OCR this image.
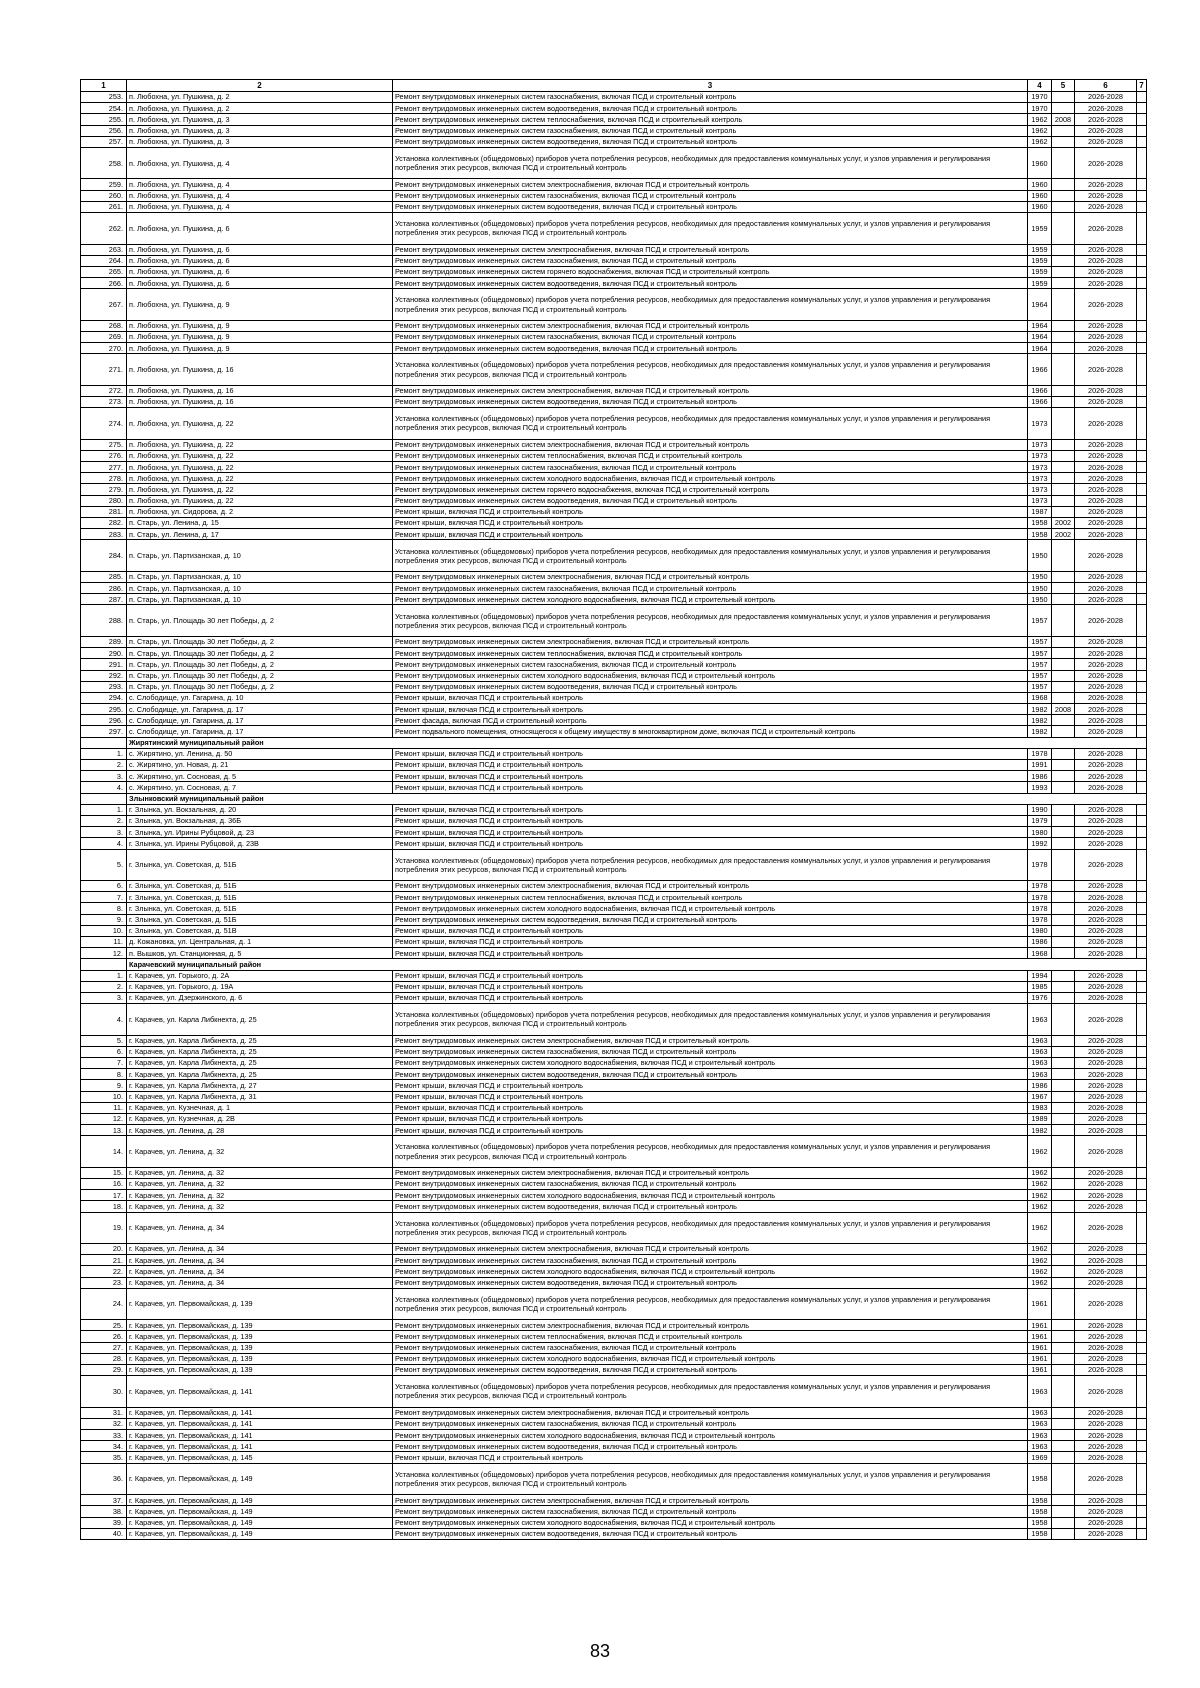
1	2	3	4	5	6	7
253.	п. Любохна, ул. Пушкина, д. 2	Ремонт внутридомовых инженерных систем газоснабжения, включая ПСД и строительный контроль	1970		2026-2028	
254.	п. Любохна, ул. Пушкина, д. 2	Ремонт внутридомовых инженерных систем водоотведения, включая ПСД и строительный контроль	1970		2026-2028	
255.	п. Любохна, ул. Пушкина, д. 3	Ремонт внутридомовых инженерных систем теплоснабжения, включая ПСД и строительный контроль	1962	2008	2026-2028	
256.	п. Любохна, ул. Пушкина, д. 3	Ремонт внутридомовых инженерных систем газоснабжения, включая ПСД и строительный контроль	1962		2026-2028	
257.	п. Любохна, ул. Пушкина, д. 3	Ремонт внутридомовых инженерных систем водоотведения, включая ПСД и строительный контроль	1962		2026-2028	
258.	п. Любохна, ул. Пушкина, д. 4	Установка коллективных (общедомовых) приборов учета потребления ресурсов, необходимых для предоставления коммунальных услуг, и узлов управления и регулирования потребления этих ресурсов, включая ПСД и строительный контроль	1960		2026-2028	
259.	п. Любохна, ул. Пушкина, д. 4	Ремонт внутридомовых инженерных систем электроснабжения, включая ПСД и строительный контроль	1960		2026-2028	
260.	п. Любохна, ул. Пушкина, д. 4	Ремонт внутридомовых инженерных систем газоснабжения, включая ПСД и строительный контроль	1960		2026-2028	
261.	п. Любохна, ул. Пушкина, д. 4	Ремонт внутридомовых инженерных систем водоотведения, включая ПСД и строительный контроль	1960		2026-2028	
262.	п. Любохна, ул. Пушкина, д. 6	Установка коллективных (общедомовых) приборов учета потребления ресурсов, необходимых для предоставления коммунальных услуг, и узлов управления и регулирования потребления этих ресурсов, включая ПСД и строительный контроль	1959		2026-2028	
263.	п. Любохна, ул. Пушкина, д. 6	Ремонт внутридомовых инженерных систем электроснабжения, включая ПСД и строительный контроль	1959		2026-2028	
264.	п. Любохна, ул. Пушкина, д. 6	Ремонт внутридомовых инженерных систем газоснабжения, включая ПСД и строительный контроль	1959		2026-2028	
265.	п. Любохна, ул. Пушкина, д. 6	Ремонт внутридомовых инженерных систем горячего водоснабжения, включая ПСД и строительный контроль	1959		2026-2028	
266.	п. Любохна, ул. Пушкина, д. 6	Ремонт внутридомовых инженерных систем водоотведения, включая ПСД и строительный контроль	1959		2026-2028	
267.	п. Любохна, ул. Пушкина, д. 9	Установка коллективных (общедомовых) приборов учета потребления ресурсов, необходимых для предоставления коммунальных услуг, и узлов управления и регулирования потребления этих ресурсов, включая ПСД и строительный контроль	1964		2026-2028	
268.	п. Любохна, ул. Пушкина, д. 9	Ремонт внутридомовых инженерных систем электроснабжения, включая ПСД и строительный контроль	1964		2026-2028	
269.	п. Любохна, ул. Пушкина, д. 9	Ремонт внутридомовых инженерных систем газоснабжения, включая ПСД и строительный контроль	1964		2026-2028	
270.	п. Любохна, ул. Пушкина, д. 9	Ремонт внутридомовых инженерных систем водоотведения, включая ПСД и строительный контроль	1964		2026-2028	
271.	п. Любохна, ул. Пушкина, д. 16	Установка коллективных (общедомовых) приборов учета потребления ресурсов, необходимых для предоставления коммунальных услуг, и узлов управления и регулирования потребления этих ресурсов, включая ПСД и строительный контроль	1966		2026-2028	
272.	п. Любохна, ул. Пушкина, д. 16	Ремонт внутридомовых инженерных систем электроснабжения, включая ПСД и строительный контроль	1966		2026-2028	
273.	п. Любохна, ул. Пушкина, д. 16	Ремонт внутридомовых инженерных систем водоотведения, включая ПСД и строительный контроль	1966		2026-2028	
274.	п. Любохна, ул. Пушкина, д. 22	Установка коллективных (общедомовых) приборов учета потребления ресурсов, необходимых для предоставления коммунальных услуг, и узлов управления и регулирования потребления этих ресурсов, включая ПСД и строительный контроль	1973		2026-2028	
275.	п. Любохна, ул. Пушкина, д. 22	Ремонт внутридомовых инженерных систем электроснабжения, включая ПСД и строительный контроль	1973		2026-2028	
276.	п. Любохна, ул. Пушкина, д. 22	Ремонт внутридомовых инженерных систем теплоснабжения, включая ПСД и строительный контроль	1973		2026-2028	
277.	п. Любохна, ул. Пушкина, д. 22	Ремонт внутридомовых инженерных систем газоснабжения, включая ПСД и строительный контроль	1973		2026-2028	
278.	п. Любохна, ул. Пушкина, д. 22	Ремонт внутридомовых инженерных систем холодного водоснабжения, включая ПСД и строительный контроль	1973		2026-2028	
279.	п. Любохна, ул. Пушкина, д. 22	Ремонт внутридомовых инженерных систем горячего водоснабжения, включая ПСД и строительный контроль	1973		2026-2028	
280.	п. Любохна, ул. Пушкина, д. 22	Ремонт внутридомовых инженерных систем водоотведения, включая ПСД и строительный контроль	1973		2026-2028	
281.	п. Любохна, ул. Сидорова, д. 2	Ремонт крыши, включая ПСД и строительный контроль	1987		2026-2028	
282.	п. Старь, ул. Ленина, д. 15	Ремонт крыши, включая ПСД и строительный контроль	1958	2002	2026-2028	
283.	п. Старь, ул. Ленина, д. 17	Ремонт крыши, включая ПСД и строительный контроль	1958	2002	2026-2028	
284.	п. Старь, ул. Партизанская, д. 10	Установка коллективных (общедомовых) приборов учета потребления ресурсов, необходимых для предоставления коммунальных услуг, и узлов управления и регулирования потребления этих ресурсов, включая ПСД и строительный контроль	1950		2026-2028	
285.	п. Старь, ул. Партизанская, д. 10	Ремонт внутридомовых инженерных систем электроснабжения, включая ПСД и строительный контроль	1950		2026-2028	
286.	п. Старь, ул. Партизанская, д. 10	Ремонт внутридомовых инженерных систем газоснабжения, включая ПСД и строительный контроль	1950		2026-2028	
287.	п. Старь, ул. Партизанская, д. 10	Ремонт внутридомовых инженерных систем холодного водоснабжения, включая ПСД и строительный контроль	1950		2026-2028	
288.	п. Старь, ул. Площадь 30 лет Победы, д. 2	Установка коллективных (общедомовых) приборов учета потребления ресурсов, необходимых для предоставления коммунальных услуг, и узлов управления и регулирования потребления этих ресурсов, включая ПСД и строительный контроль	1957		2026-2028	
289.	п. Старь, ул. Площадь 30 лет Победы, д. 2	Ремонт внутридомовых инженерных систем электроснабжения, включая ПСД и строительный контроль	1957		2026-2028	
290.	п. Старь, ул. Площадь 30 лет Победы, д. 2	Ремонт внутридомовых инженерных систем теплоснабжения, включая ПСД и строительный контроль	1957		2026-2028	
291.	п. Старь, ул. Площадь 30 лет Победы, д. 2	Ремонт внутридомовых инженерных систем газоснабжения, включая ПСД и строительный контроль	1957		2026-2028	
292.	п. Старь, ул. Площадь 30 лет Победы, д. 2	Ремонт внутридомовых инженерных систем холодного водоснабжения, включая ПСД и строительный контроль	1957		2026-2028	
293.	п. Старь, ул. Площадь 30 лет Победы, д. 2	Ремонт внутридомовых инженерных систем водоотведения, включая ПСД и строительный контроль	1957		2026-2028	
294.	с. Слободище, ул. Гагарина, д. 10	Ремонт крыши, включая ПСД и строительный контроль	1968		2026-2028	
295.	с. Слободище, ул. Гагарина, д. 17	Ремонт крыши, включая ПСД и строительный контроль	1982	2008	2026-2028	
296.	с. Слободище, ул. Гагарина, д. 17	Ремонт фасада, включая ПСД и строительный контроль	1982		2026-2028	
297.	с. Слободище, ул. Гагарина, д. 17	Ремонт подвального помещения, относящегося к общему имуществу в многоквартирном доме, включая ПСД и строительный контроль	1982		2026-2028	
	Жирятинский муниципальный район					
1.	с. Жирятино, ул. Ленина, д. 50	Ремонт крыши, включая ПСД и строительный контроль	1978		2026-2028	
2.	с. Жирятино, ул. Новая, д. 21	Ремонт крыши, включая ПСД и строительный контроль	1991		2026-2028	
3.	с. Жирятино, ул. Сосновая, д. 5	Ремонт крыши, включая ПСД и строительный контроль	1986		2026-2028	
4.	с. Жирятино, ул. Сосновая, д. 7	Ремонт крыши, включая ПСД и строительный контроль	1993		2026-2028	
	Злынковский муниципальный район					
1.	г. Злынка, ул. Вокзальная, д. 20	Ремонт крыши, включая ПСД и строительный контроль	1990		2026-2028	
2.	г. Злынка, ул. Вокзальная, д. 36Б	Ремонт крыши, включая ПСД и строительный контроль	1979		2026-2028	
3.	г. Злынка, ул. Ирины Рубцовой, д. 23	Ремонт крыши, включая ПСД и строительный контроль	1980		2026-2028	
4.	г. Злынка, ул. Ирины Рубцовой, д. 23В	Ремонт крыши, включая ПСД и строительный контроль	1992		2026-2028	
5.	г. Злынка, ул. Советская, д. 51Б	Установка коллективных (общедомовых) приборов учета потребления ресурсов, необходимых для предоставления коммунальных услуг, и узлов управления и регулирования потребления этих ресурсов, включая ПСД и строительный контроль	1978		2026-2028	
6.	г. Злынка, ул. Советская, д. 51Б	Ремонт внутридомовых инженерных систем электроснабжения, включая ПСД и строительный контроль	1978		2026-2028	
7.	г. Злынка, ул. Советская, д. 51Б	Ремонт внутридомовых инженерных систем теплоснабжения, включая ПСД и строительный контроль	1978		2026-2028	
8.	г. Злынка, ул. Советская, д. 51Б	Ремонт внутридомовых инженерных систем холодного водоснабжения, включая ПСД и строительный контроль	1978		2026-2028	
9.	г. Злынка, ул. Советская, д. 51Б	Ремонт внутридомовых инженерных систем водоотведения, включая ПСД и строительный контроль	1978		2026-2028	
10.	г. Злынка, ул. Советская, д. 51В	Ремонт крыши, включая ПСД и строительный контроль	1980		2026-2028	
11.	д. Кожановка, ул. Центральная, д. 1	Ремонт крыши, включая ПСД и строительный контроль	1986		2026-2028	
12.	п. Вышков, ул. Станционная, д. 5	Ремонт крыши, включая ПСД и строительный контроль	1968		2026-2028	
	Карачевский муниципальный район					
1.	г. Карачев, ул. Горького, д. 2А	Ремонт крыши, включая ПСД и строительный контроль	1994		2026-2028	
2.	г. Карачев, ул. Горького, д. 19А	Ремонт крыши, включая ПСД и строительный контроль	1985		2026-2028	
3.	г. Карачев, ул. Дзержинского, д. 6	Ремонт крыши, включая ПСД и строительный контроль	1976		2026-2028	
4.	г. Карачев, ул. Карла Либкнехта, д. 25	Установка коллективных (общедомовых) приборов учета потребления ресурсов, необходимых для предоставления коммунальных услуг, и узлов управления и регулирования потребления этих ресурсов, включая ПСД и строительный контроль	1963		2026-2028	
5.	г. Карачев, ул. Карла Либкнехта, д. 25	Ремонт внутридомовых инженерных систем электроснабжения, включая ПСД и строительный контроль	1963		2026-2028	
6.	г. Карачев, ул. Карла Либкнехта, д. 25	Ремонт внутридомовых инженерных систем газоснабжения, включая ПСД и строительный контроль	1963		2026-2028	
7.	г. Карачев, ул. Карла Либкнехта, д. 25	Ремонт внутридомовых инженерных систем холодного водоснабжения, включая ПСД и строительный контроль	1963		2026-2028	
8.	г. Карачев, ул. Карла Либкнехта, д. 25	Ремонт внутридомовых инженерных систем водоотведения, включая ПСД и строительный контроль	1963		2026-2028	
9.	г. Карачев, ул. Карла Либкнехта, д. 27	Ремонт крыши, включая ПСД и строительный контроль	1986		2026-2028	
10.	г. Карачев, ул. Карла Либкнехта, д. 31	Ремонт крыши, включая ПСД и строительный контроль	1967		2026-2028	
11.	г. Карачев, ул. Кузнечная, д. 1	Ремонт крыши, включая ПСД и строительный контроль	1983		2026-2028	
12.	г. Карачев, ул. Кузнечная, д. 2В	Ремонт крыши, включая ПСД и строительный контроль	1989		2026-2028	
13.	г. Карачев, ул. Ленина, д. 28	Ремонт крыши, включая ПСД и строительный контроль	1982		2026-2028	
14.	г. Карачев, ул. Ленина, д. 32	Установка коллективных (общедомовых) приборов учета потребления ресурсов, необходимых для предоставления коммунальных услуг, и узлов управления и регулирования потребления этих ресурсов, включая ПСД и строительный контроль	1962		2026-2028	
15.	г. Карачев, ул. Ленина, д. 32	Ремонт внутридомовых инженерных систем электроснабжения, включая ПСД и строительный контроль	1962		2026-2028	
16.	г. Карачев, ул. Ленина, д. 32	Ремонт внутридомовых инженерных систем газоснабжения, включая ПСД и строительный контроль	1962		2026-2028	
17.	г. Карачев, ул. Ленина, д. 32	Ремонт внутридомовых инженерных систем холодного водоснабжения, включая ПСД и строительный контроль	1962		2026-2028	
18.	г. Карачев, ул. Ленина, д. 32	Ремонт внутридомовых инженерных систем водоотведения, включая ПСД и строительный контроль	1962		2026-2028	
19.	г. Карачев, ул. Ленина, д. 34	Установка коллективных (общедомовых) приборов учета потребления ресурсов, необходимых для предоставления коммунальных услуг, и узлов управления и регулирования потребления этих ресурсов, включая ПСД и строительный контроль	1962		2026-2028	
20.	г. Карачев, ул. Ленина, д. 34	Ремонт внутридомовых инженерных систем электроснабжения, включая ПСД и строительный контроль	1962		2026-2028	
21.	г. Карачев, ул. Ленина, д. 34	Ремонт внутридомовых инженерных систем газоснабжения, включая ПСД и строительный контроль	1962		2026-2028	
22.	г. Карачев, ул. Ленина, д. 34	Ремонт внутридомовых инженерных систем холодного водоснабжения, включая ПСД и строительный контроль	1962		2026-2028	
23.	г. Карачев, ул. Ленина, д. 34	Ремонт внутридомовых инженерных систем водоотведения, включая ПСД и строительный контроль	1962		2026-2028	
24.	г. Карачев, ул. Первомайская, д. 139	Установка коллективных (общедомовых) приборов учета потребления ресурсов, необходимых для предоставления коммунальных услуг, и узлов управления и регулирования потребления этих ресурсов, включая ПСД и строительный контроль	1961		2026-2028	
25.	г. Карачев, ул. Первомайская, д. 139	Ремонт внутридомовых инженерных систем электроснабжения, включая ПСД и строительный контроль	1961		2026-2028	
26.	г. Карачев, ул. Первомайская, д. 139	Ремонт внутридомовых инженерных систем теплоснабжения, включая ПСД и строительный контроль	1961		2026-2028	
27.	г. Карачев, ул. Первомайская, д. 139	Ремонт внутридомовых инженерных систем газоснабжения, включая ПСД и строительный контроль	1961		2026-2028	
28.	г. Карачев, ул. Первомайская, д. 139	Ремонт внутридомовых инженерных систем холодного водоснабжения, включая ПСД и строительный контроль	1961		2026-2028	
29.	г. Карачев, ул. Первомайская, д. 139	Ремонт внутридомовых инженерных систем водоотведения, включая ПСД и строительный контроль	1961		2026-2028	
30.	г. Карачев, ул. Первомайская, д. 141	Установка коллективных (общедомовых) приборов учета потребления ресурсов, необходимых для предоставления коммунальных услуг, и узлов управления и регулирования потребления этих ресурсов, включая ПСД и строительный контроль	1963		2026-2028	
31.	г. Карачев, ул. Первомайская, д. 141	Ремонт внутридомовых инженерных систем электроснабжения, включая ПСД и строительный контроль	1963		2026-2028	
32.	г. Карачев, ул. Первомайская, д. 141	Ремонт внутридомовых инженерных систем газоснабжения, включая ПСД и строительный контроль	1963		2026-2028	
33.	г. Карачев, ул. Первомайская, д. 141	Ремонт внутридомовых инженерных систем холодного водоснабжения, включая ПСД и строительный контроль	1963		2026-2028	
34.	г. Карачев, ул. Первомайская, д. 141	Ремонт внутридомовых инженерных систем водоотведения, включая ПСД и строительный контроль	1963		2026-2028	
35.	г. Карачев, ул. Первомайская, д. 145	Ремонт крыши, включая ПСД и строительный контроль	1969		2026-2028	
36.	г. Карачев, ул. Первомайская, д. 149	Установка коллективных (общедомовых) приборов учета потребления ресурсов, необходимых для предоставления коммунальных услуг, и узлов управления и регулирования потребления этих ресурсов, включая ПСД и строительный контроль	1958		2026-2028	
37.	г. Карачев, ул. Первомайская, д. 149	Ремонт внутридомовых инженерных систем электроснабжения, включая ПСД и строительный контроль	1958		2026-2028	
38.	г. Карачев, ул. Первомайская, д. 149	Ремонт внутридомовых инженерных систем газоснабжения, включая ПСД и строительный контроль	1958		2026-2028	
39.	г. Карачев, ул. Первомайская, д. 149	Ремонт внутридомовых инженерных систем холодного водоснабжения, включая ПСД и строительный контроль	1958		2026-2028	
40.	г. Карачев, ул. Первомайская, д. 149	Ремонт внутридомовых инженерных систем водоотведения, включая ПСД и строительный контроль	1958		2026-2028	
83
